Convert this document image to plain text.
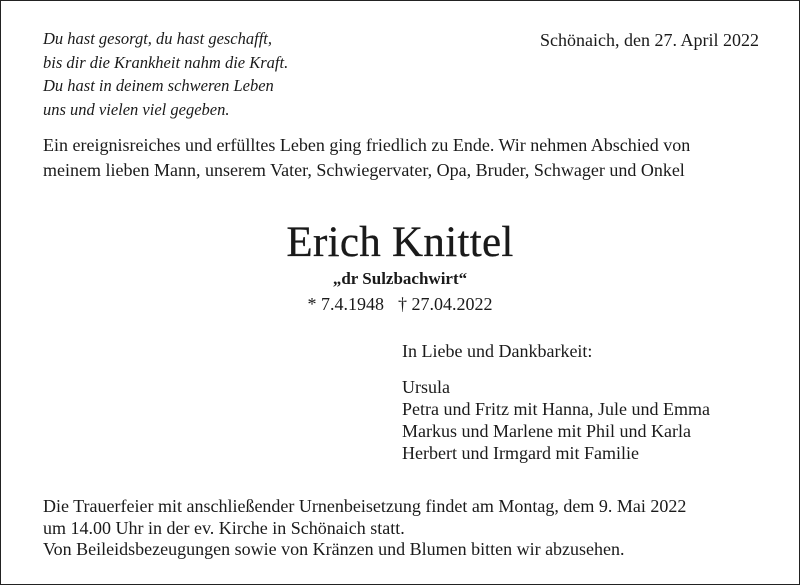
Du hast gesorgt, du hast geschafft,
bis dir die Krankheit nahm die Kraft.
Du hast in deinem schweren Leben
uns und vielen viel gegeben.
Schönaich, den 27. April 2022
Ein ereignisreiches und erfülltes Leben ging friedlich zu Ende. Wir nehmen Abschied von
meinem lieben Mann, unserem Vater, Schwiegervater, Opa, Bruder, Schwager und Onkel
Erich Knittel
„dr Sulzbachwirt“
* 7.4.1948 † 27.04.2022
In Liebe und Dankbarkeit:
Ursula
Petra und Fritz mit Hanna, Jule und Emma
Markus und Marlene mit Phil und Karla
Herbert und Irmgard mit Familie
Die Trauerfeier mit anschließender Urnenbeisetzung findet am Montag, dem 9. Mai 2022
um 14.00 Uhr in der ev. Kirche in Schönaich statt.
Von Beileidsbezeugungen sowie von Kränzen und Blumen bitten wir abzusehen.
